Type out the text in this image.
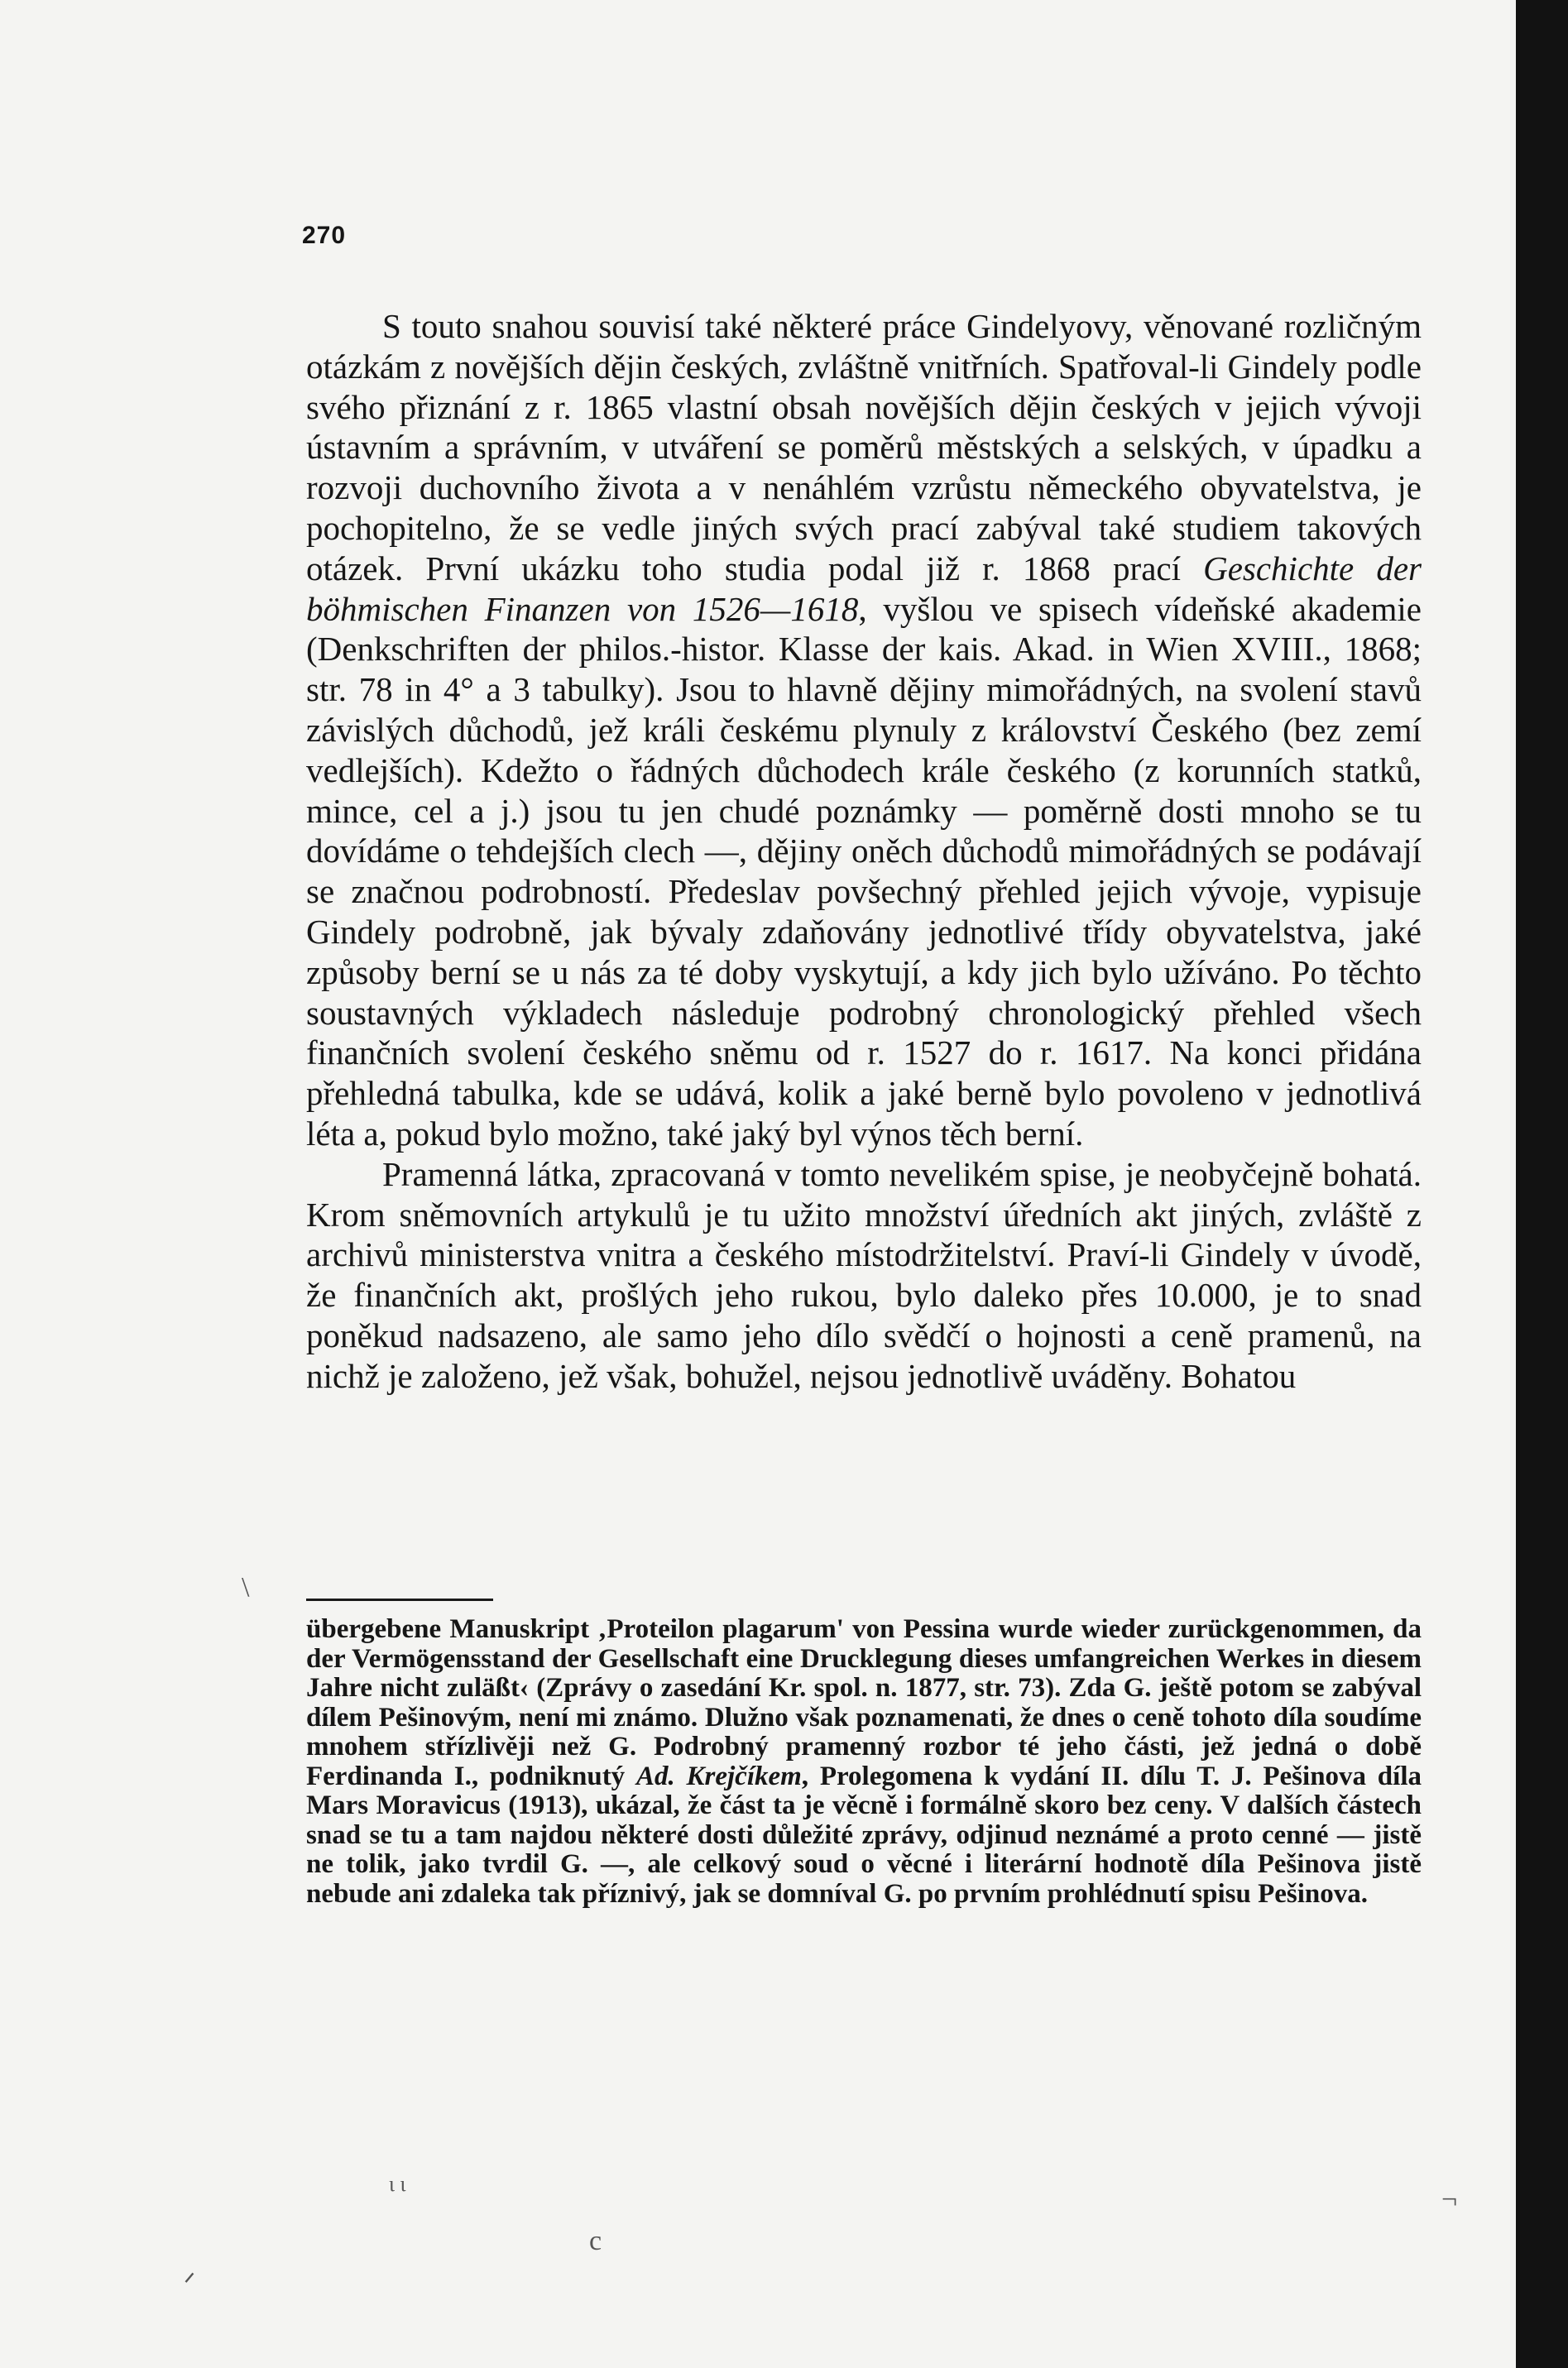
270

S touto snahou souvisí také některé práce Gindelyovy, věnované rozličným otázkám z novějších dějin českých, zvláštně vnitřních. Spatřoval-li Gindely podle svého přiznání z r. 1865 vlastní obsah novějších dějin českých v jejich vývoji ústavním a správním, v utváření se poměrů městských a selských, v úpadku a rozvoji duchovního života a v nenáhlém vzrůstu německého obyvatelstva, je pochopitelno, že se vedle jiných svých prací zabýval také studiem takových otázek. První ukázku toho studia podal již r. 1868 prací Geschichte der böhmischen Finanzen von 1526—1618, vyšlou ve spisech vídeňské akademie (Denkschriften der philos.-histor. Klasse der kais. Akad. in Wien XVIII., 1868; str. 78 in 4° a 3 tabulky). Jsou to hlavně dějiny mimořádných, na svolení stavů závislých důchodů, jež králi českému plynuly z království Českého (bez zemí vedlejších). Kdežto o řádných důchodech krále českého (z korunních statků, mince, cel a j.) jsou tu jen chudé poznámky — poměrně dosti mnoho se tu dovídáme o tehdejších clech —, dějiny oněch důchodů mimořádných se podávají se značnou podrobností. Předeslav povšechný přehled jejich vývoje, vypisuje Gindely podrobně, jak bývaly zdaňovány jednotlivé třídy obyvatelstva, jaké způsoby berní se u nás za té doby vyskytují, a kdy jich bylo užíváno. Po těchto soustavných výkladech následuje podrobný chronologický přehled všech finančních svolení českého sněmu od r. 1527 do r. 1617. Na konci přidána přehledná tabulka, kde se udává, kolik a jaké berně bylo povoleno v jednotlivá léta a, pokud bylo možno, také jaký byl výnos těch berní.

Pramenná látka, zpracovaná v tomto nevelikém spise, je neobyčejně bohatá. Krom sněmovních artykulů je tu užito množství úředních akt jiných, zvláště z archivů ministerstva vnitra a českého místodržitelství. Praví-li Gindely v úvodě, že finančních akt, prošlých jeho rukou, bylo daleko přes 10.000, je to snad poněkud nadsazeno, ale samo jeho dílo svědčí o hojnosti a ceně pramenů, na nichž je založeno, jež však, bohužel, nejsou jednotlivě uváděny. Bohatou

übergebene Manuskript ‚Proteilon plagarum' von Pessina wurde wieder zurückgenommen, da der Vermögensstand der Gesellschaft eine Drucklegung dieses umfangreichen Werkes in diesem Jahre nicht zuläßt‹ (Zprávy o zasedání Kr. spol. n. 1877, str. 73). Zda G. ještě potom se zabýval dílem Pešinovým, není mi známo. Dlužno však poznamenati, že dnes o ceně tohoto díla soudíme mnohem střízlivěji než G. Podrobný pramenný rozbor té jeho části, jež jedná o době Ferdinanda I., podniknutý Ad. Krejčíkem, Prolegomena k vydání II. dílu T. J. Pešinova díla Mars Moravicus (1913), ukázal, že část ta je věcně i formálně skoro bez ceny. V dalších částech snad se tu a tam najdou některé dosti důležité zprávy, odjinud neznámé a proto cenné — jistě ne tolik, jako tvrdil G. —, ale celkový soud o věcné i literární hodnotě díla Pešinova jistě nebude ani zdaleka tak příznivý, jak se domníval G. po prvním prohlédnutí spisu Pešinova.

\
ι ι
c
ᐟ
¬
